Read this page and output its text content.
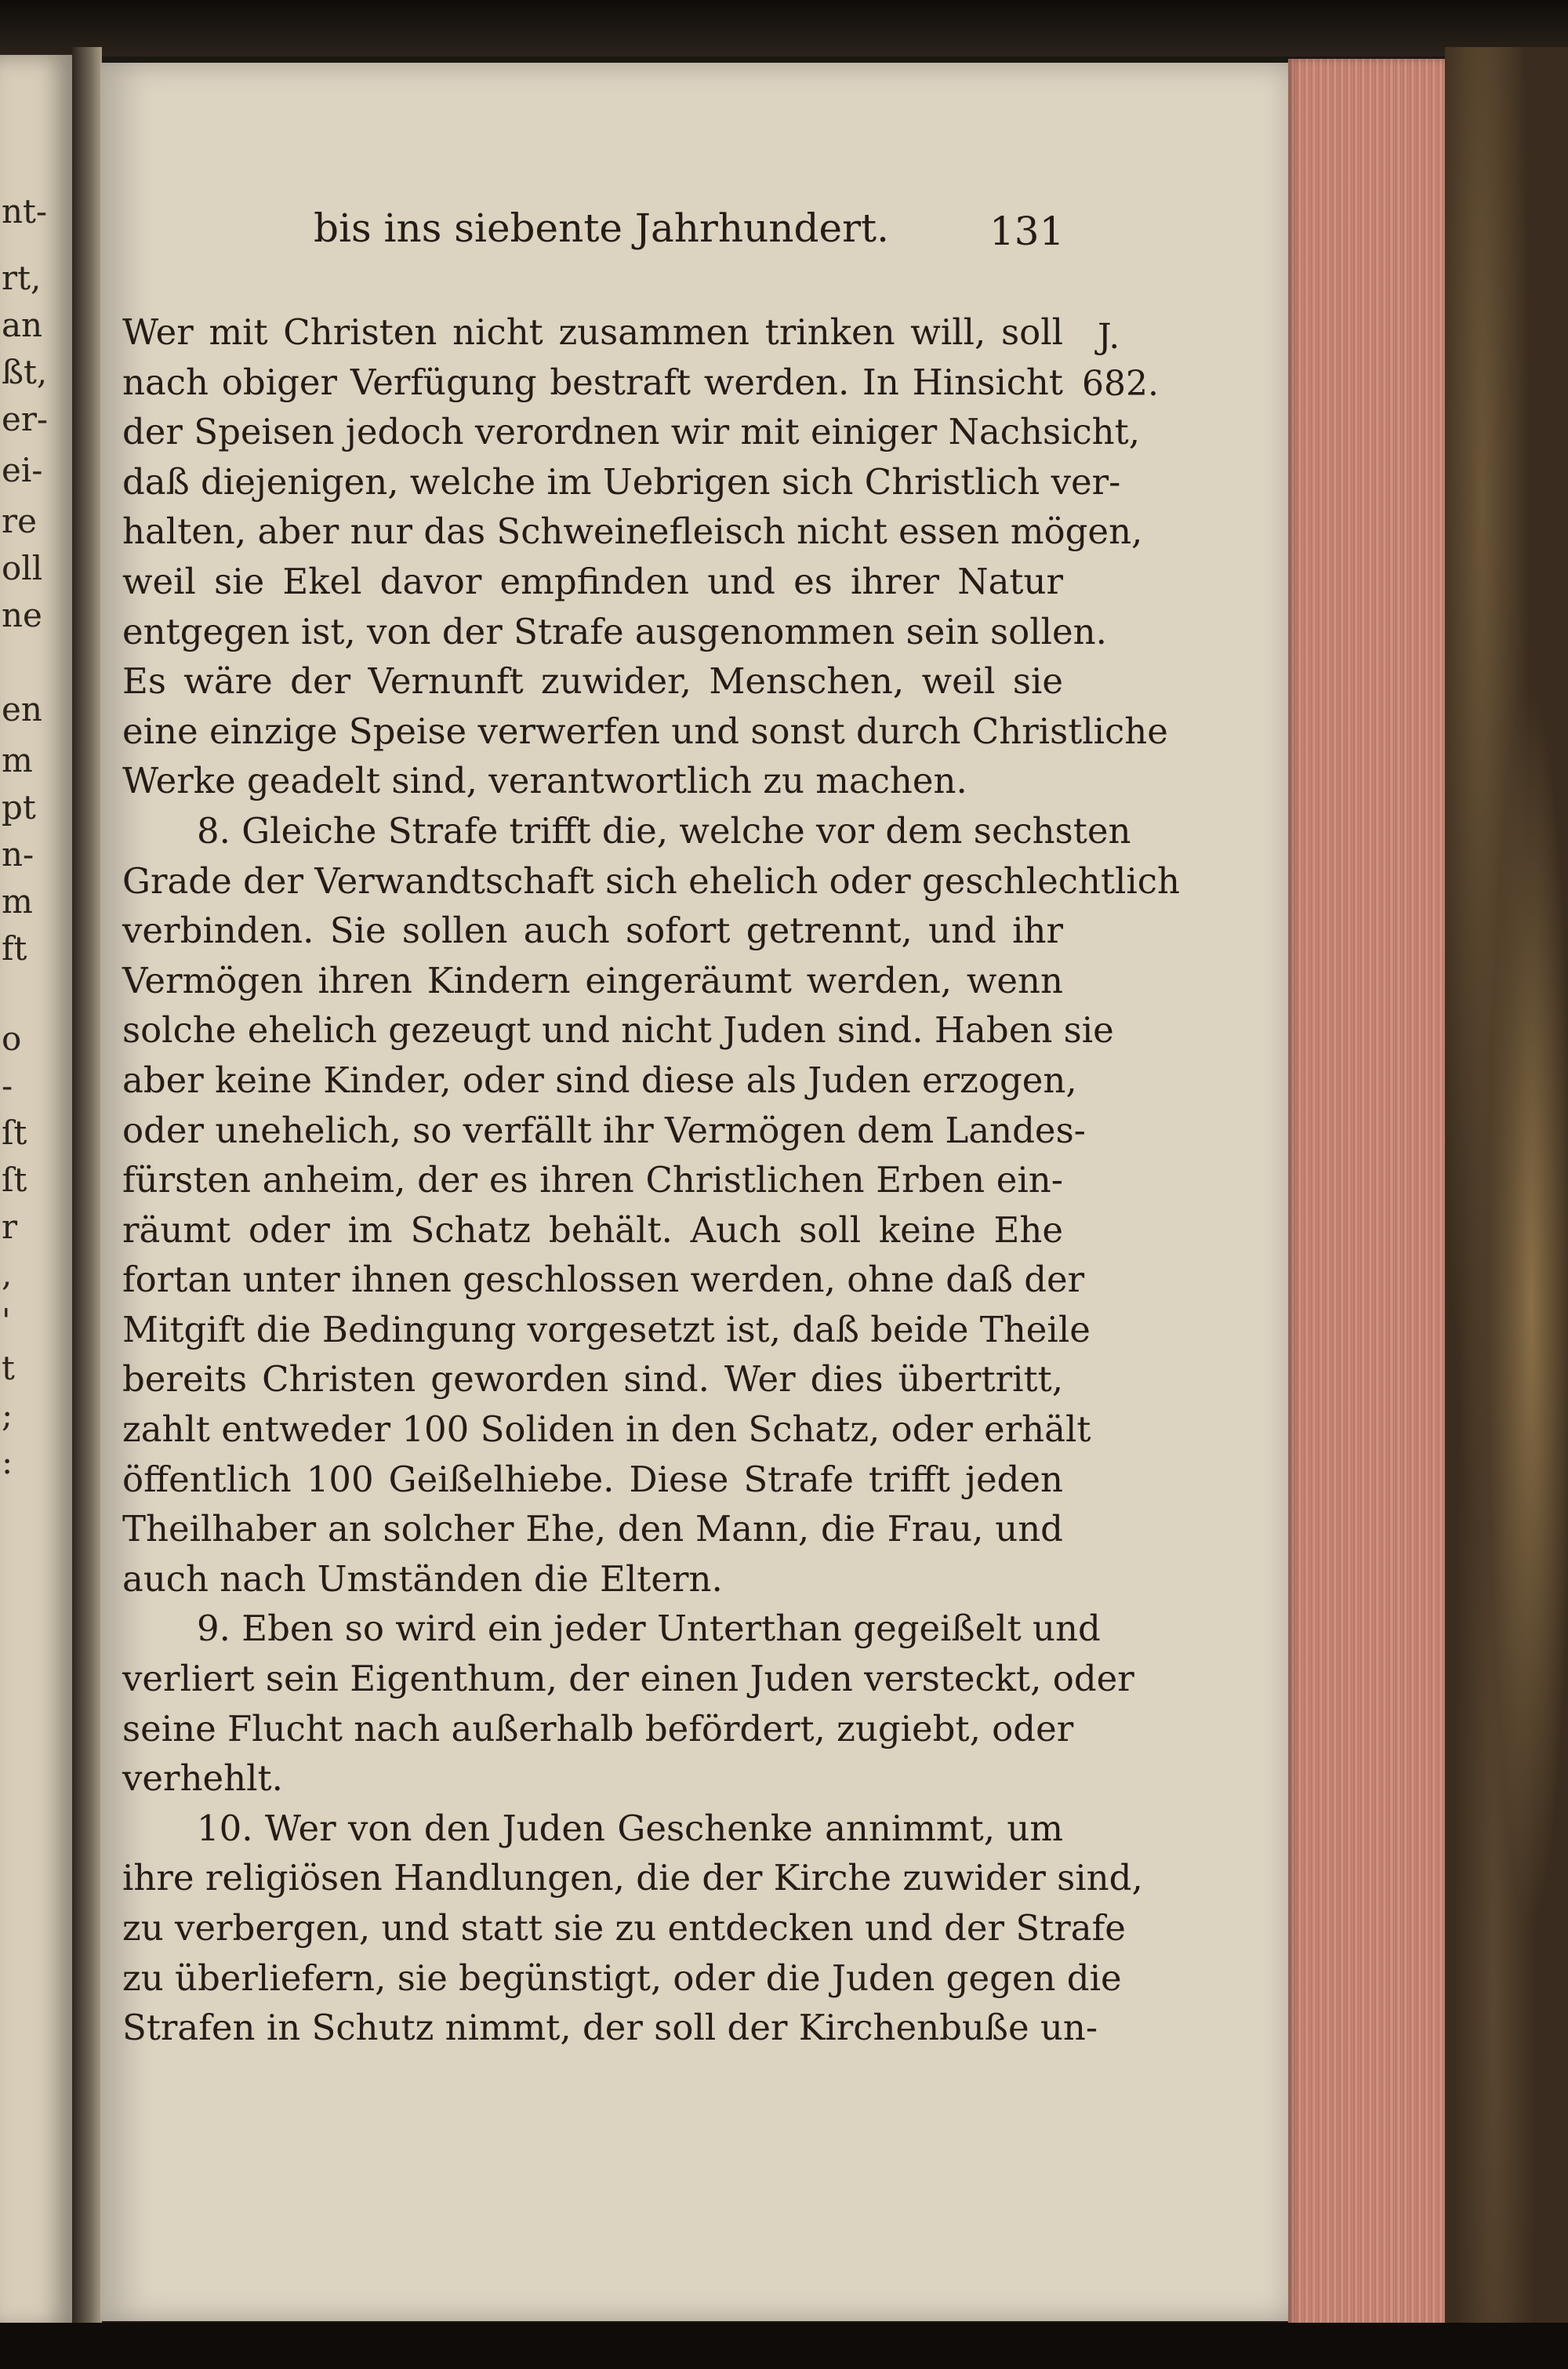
nt-
rt,
an
ßt,
er-
ei-
re
oll
ne
en
m
pt
n-
m
ft
o
-
ſt
ſt
r
,
'
t
;
:
bis ins siebente Jahrhundert.	131
J.
682.
Wer mit Christen nicht zusammen trinken will, soll
nach obiger Verfügung bestraft werden. In Hinsicht
der Speisen jedoch verordnen wir mit einiger Nachsicht,
daß diejenigen, welche im Uebrigen sich Christlich ver-
halten, aber nur das Schweinefleisch nicht essen mögen,
weil sie Ekel davor empfinden und es ihrer Natur
entgegen ist, von der Strafe ausgenommen sein sollen.
Es wäre der Vernunft zuwider, Menschen, weil sie
eine einzige Speise verwerfen und sonst durch Christliche
Werke geadelt sind, verantwortlich zu machen.
8. Gleiche Strafe trifft die, welche vor dem sechsten
Grade der Verwandtschaft sich ehelich oder geschlechtlich
verbinden. Sie sollen auch sofort getrennt, und ihr
Vermögen ihren Kindern eingeräumt werden, wenn
solche ehelich gezeugt und nicht Juden sind. Haben sie
aber keine Kinder, oder sind diese als Juden erzogen,
oder unehelich, so verfällt ihr Vermögen dem Landes-
fürsten anheim, der es ihren Christlichen Erben ein-
räumt oder im Schatz behält. Auch soll keine Ehe
fortan unter ihnen geschlossen werden, ohne daß der
Mitgift die Bedingung vorgesetzt ist, daß beide Theile
bereits Christen geworden sind. Wer dies übertritt,
zahlt entweder 100 Soliden in den Schatz, oder erhält
öffentlich 100 Geißelhiebe. Diese Strafe trifft jeden
Theilhaber an solcher Ehe, den Mann, die Frau, und
auch nach Umständen die Eltern.
9. Eben so wird ein jeder Unterthan gegeißelt und
verliert sein Eigenthum, der einen Juden versteckt, oder
seine Flucht nach außerhalb befördert, zugiebt, oder
verhehlt.
10. Wer von den Juden Geschenke annimmt, um
ihre religiösen Handlungen, die der Kirche zuwider sind,
zu verbergen, und statt sie zu entdecken und der Strafe
zu überliefern, sie begünstigt, oder die Juden gegen die
Strafen in Schutz nimmt, der soll der Kirchenbuße un-
